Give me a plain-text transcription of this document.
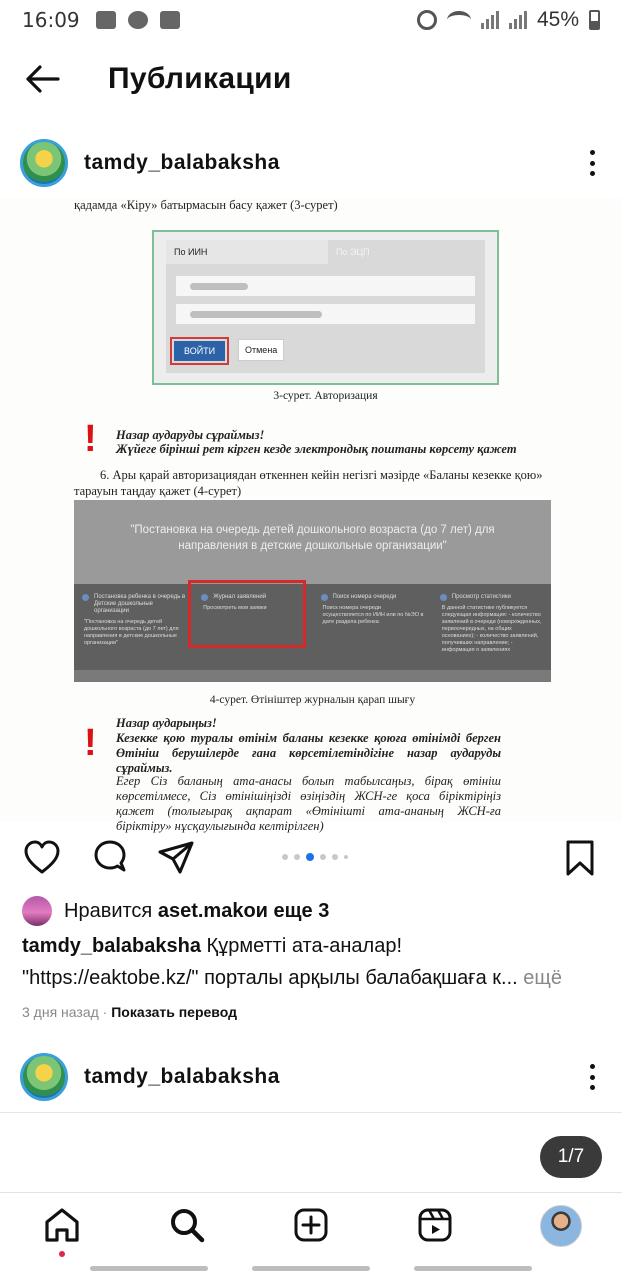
16:09	45%
Публикации
tamdy_balabaksha
қадамда «Кіру» батырмасын басу қажет (3-сурет)
По ИИН	По ЭЦП
ВОЙТИ	Отмена
3-сурет. Авторизация
! Назар аударуды сұраймыз!
Жүйеге бірінші рет кірген кезде электрондық поштаны көрсету қажет
6. Ары қарай авторизациядан өткеннен кейін негізгі мәзірде «Баланы кезекке қою»
тарауын таңдау қажет (4-сурет)
"Постановка на очередь детей дошкольного возраста (до 7 лет) для направления в детские дошкольные организации"
Постановка ребенка в очередь в Детские дошкольные организации
"Постановка на очередь детей дошкольного возраста (до 7 лет) для направления в детские дошкольные организации"
Журнал заявлений
Просмотреть мои заявки
Поиск номера очереди
Поиск номера очереди осуществляется по ИИН или по №ЭО в дате раздела ребенка
Просмотр статистики
В данной статистике публикуется следующая информация: - количество заявлений в очереди (новорожденных, первоочередных, на общих основаниях); - количество заявлений, получивших направление; - информация о заявлениях
4-сурет. Өтініштер журналын қарап шығу
! Назар аударыңыз!
Кезекке қою туралы өтінім баланы кезекке қоюға өтінімді берген Өтініш берушілерде ғана көрсетілетіндігіне назар аударуды сұраймыз.
Егер Сіз баланың ата-анасы болып табылсаңыз, бірақ өтініш көрсетілмесе, Сіз өтінішіңізді өзіңіздің ЖСН-ге қоса біріктіріңіз қажет (толығырақ ақпарат «Өтінішті ата-ананың ЖСН-ға біріктіру» нұсқаулығында келтірілген)
Нравится
aset.mako и еще 3
tamdy_balabaksha Құрметті ата-аналар!
"https://eaktobe.kz/" порталы арқылы балабақшаға к... ещё
3 дня назад · Показать перевод
tamdy_balabaksha
1/7
